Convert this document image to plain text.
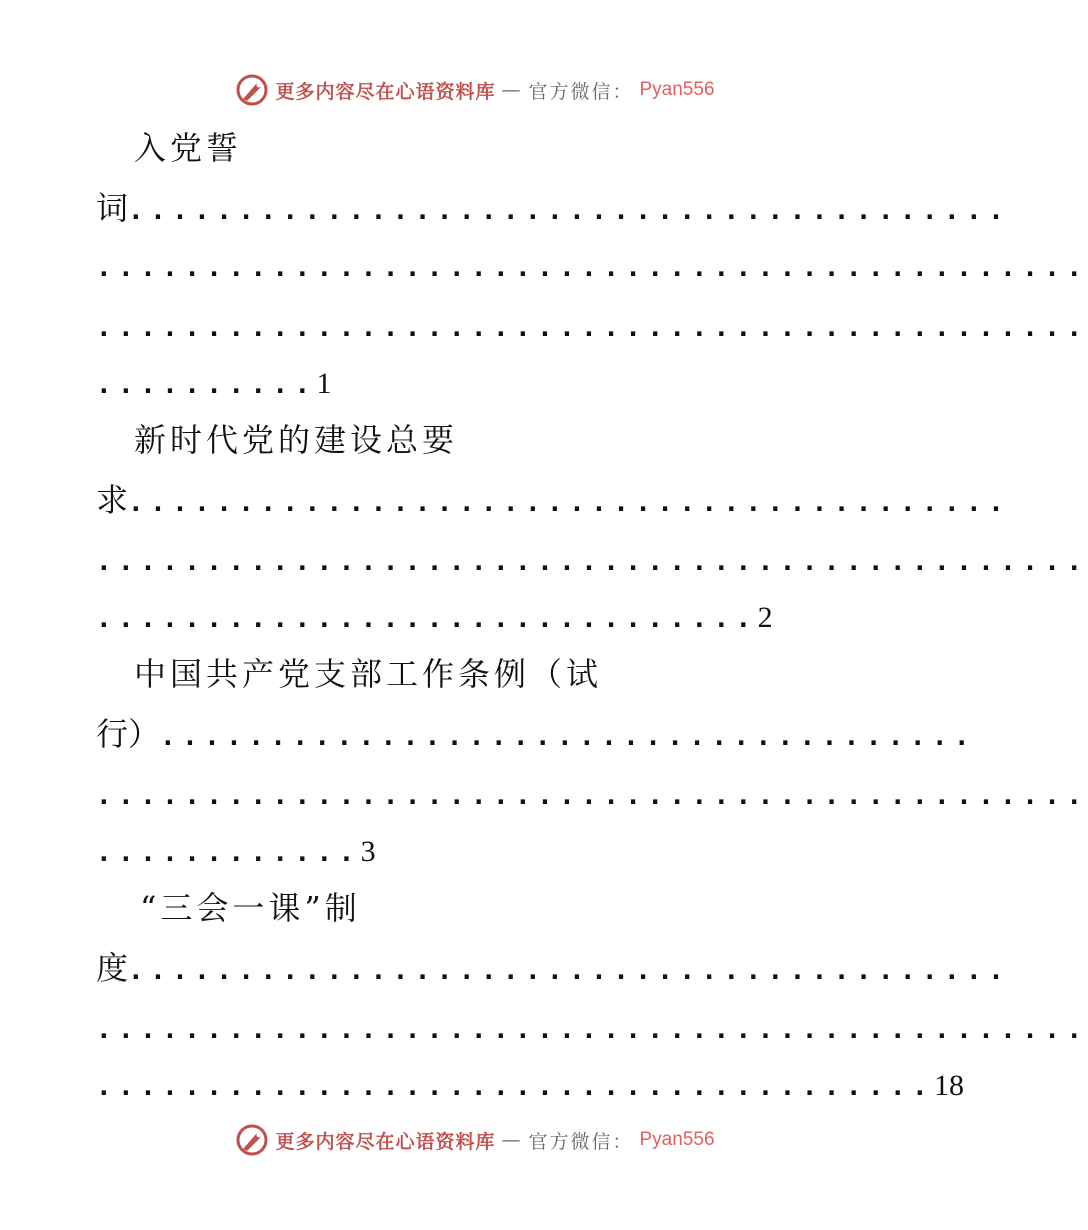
更多内容尽在心语资料库 — 官方微信： Pyan556
入党誓
词........................................
.............................................
.............................................
..........1
新时代党的建设总要
求........................................
.............................................
..............................2
中国共产党支部工作条例（试
行）.....................................
.............................................
............3
“三会一课”制
度........................................
.............................................
......................................18
更多内容尽在心语资料库 — 官方微信： Pyan556
